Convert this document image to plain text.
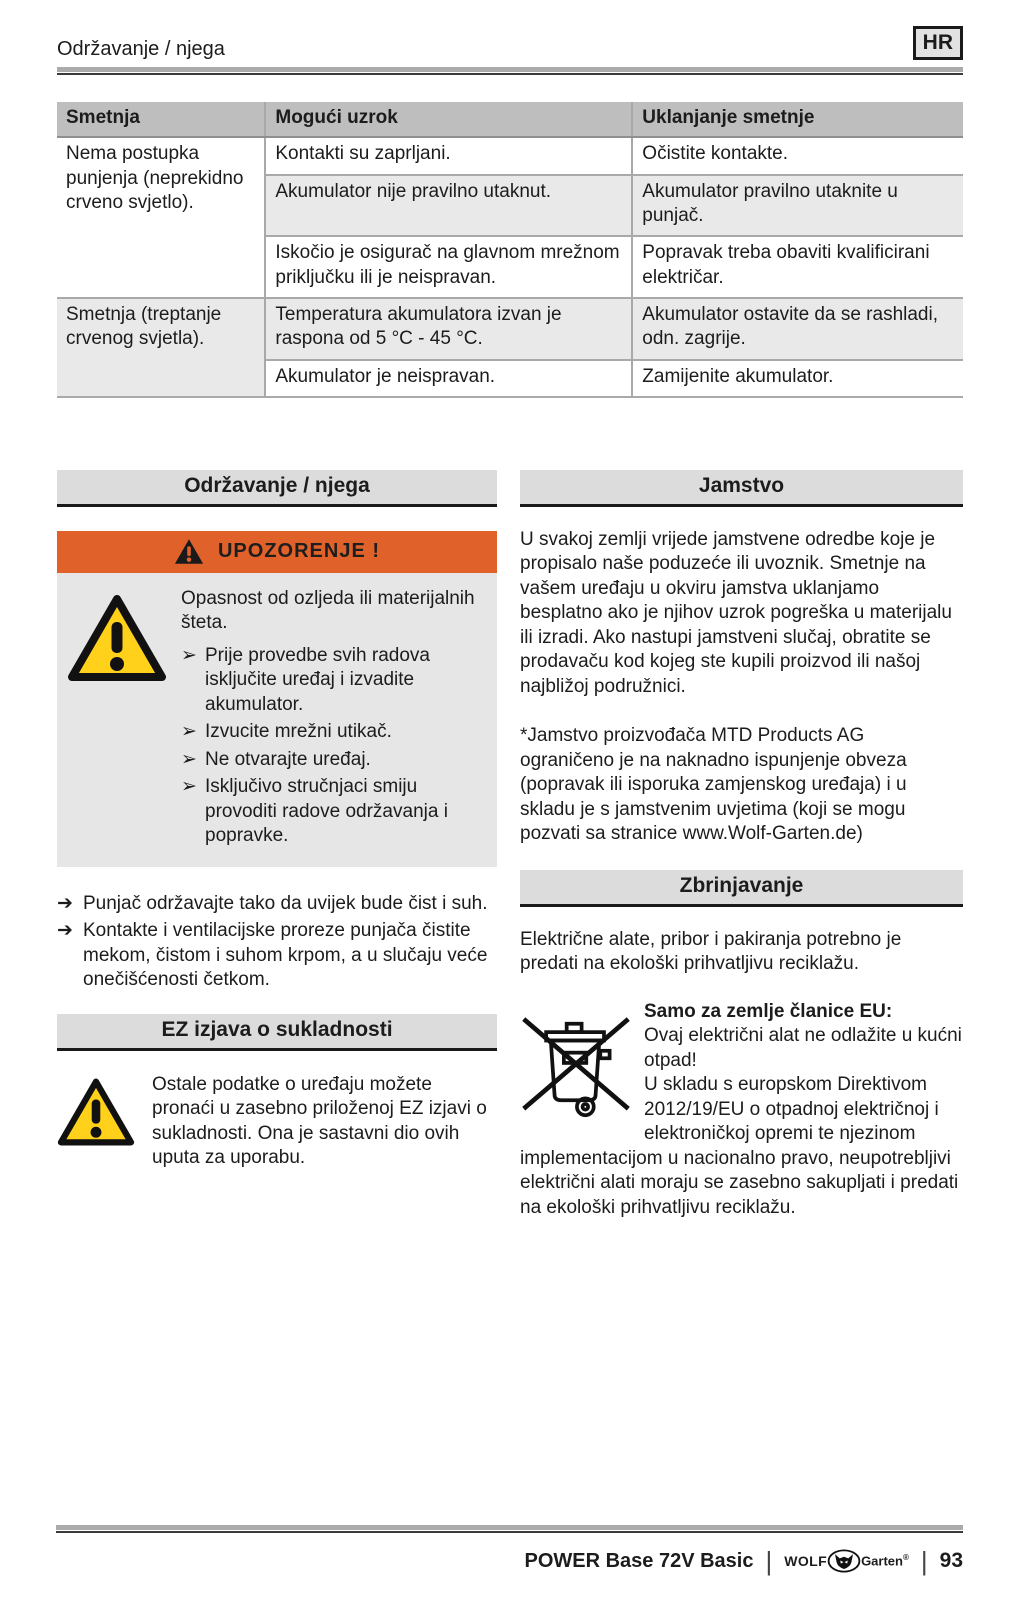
Održavanje / njega	HR
Smetnja	Mogući uzrok	Uklanjanje smetnje
Nema postupka punjenja (neprekidno crveno svjetlo).	Kontakti su zaprljani.	Očistite kontakte.
	Akumulator nije pravilno utaknut.	Akumulator pravilno utaknite u punjač.
	Iskočio je osigurač na glavnom mrežnom priključku ili je neispravan.	Popravak treba obaviti kvalificirani električar.
Smetnja (treptanje crvenog svjetla).	Temperatura akumulatora izvan je raspona od 5 °C - 45 °C.	Akumulator ostavite da se rashladi, odn. zagrije.
	Akumulator je neispravan.	Zamijenite akumulator.
Održavanje / njega
UPOZORENJE !

Opasnost od ozljeda ili materijalnih šteta.

➢ Prije provedbe svih radova isključite uređaj i izvadite akumulator.
➢ Izvucite mrežni utikač.
➢ Ne otvarajte uređaj.
➢ Isključivo stručnjaci smiju provoditi radove održavanja i popravke.
➔ Punjač održavajte tako da uvijek bude čist i suh.
➔ Kontakte i ventilacijske proreze punjača čistite mekom, čistom i suhom krpom, a u slučaju veće onečišćenosti četkom.
EZ izjava o sukladnosti

Ostale podatke o uređaju možete pronaći u zasebno priloženoj EZ izjavi o sukladnosti. Ona je sastavni dio ovih uputa za uporabu.

Jamstvo

U svakoj zemlji vrijede jamstvene odredbe koje je propisalo naše poduzeće ili uvoznik. Smetnje na vašem uređaju u okviru jamstva uklanjamo besplatno ako je njihov uzrok pogreška u materijalu ili izradi. Ako nastupi jamstveni slučaj, obratite se prodavaču kod kojeg ste kupili proizvod ili našoj najbližoj podružnici.

*Jamstvo proizvođača MTD Products AG ograničeno je na naknadno ispunjenje obveza (popravak ili isporuka zamjenskog uređaja) i u skladu je s jamstvenim uvjetima (koji se mogu pozvati sa stranice www.Wolf-Garten.de)

Zbrinjavanje

Električne alate, pribor i pakiranja potrebno je predati na ekološki prihvatljivu reciklažu.

Samo za zemlje članice EU:
Ovaj električni alat ne odlažite u kućni otpad!
U skladu s europskom Direktivom 2012/19/EU o otpadnoj električnoj i elektroničkoj opremi te njezinom implementacijom u nacionalno pravo, neupotrebljivi električni alati moraju se zasebno sakupljati i predati na ekološki prihvatljivu reciklažu.
POWER Base 72V Basic | WOLF	Garten® | 93
